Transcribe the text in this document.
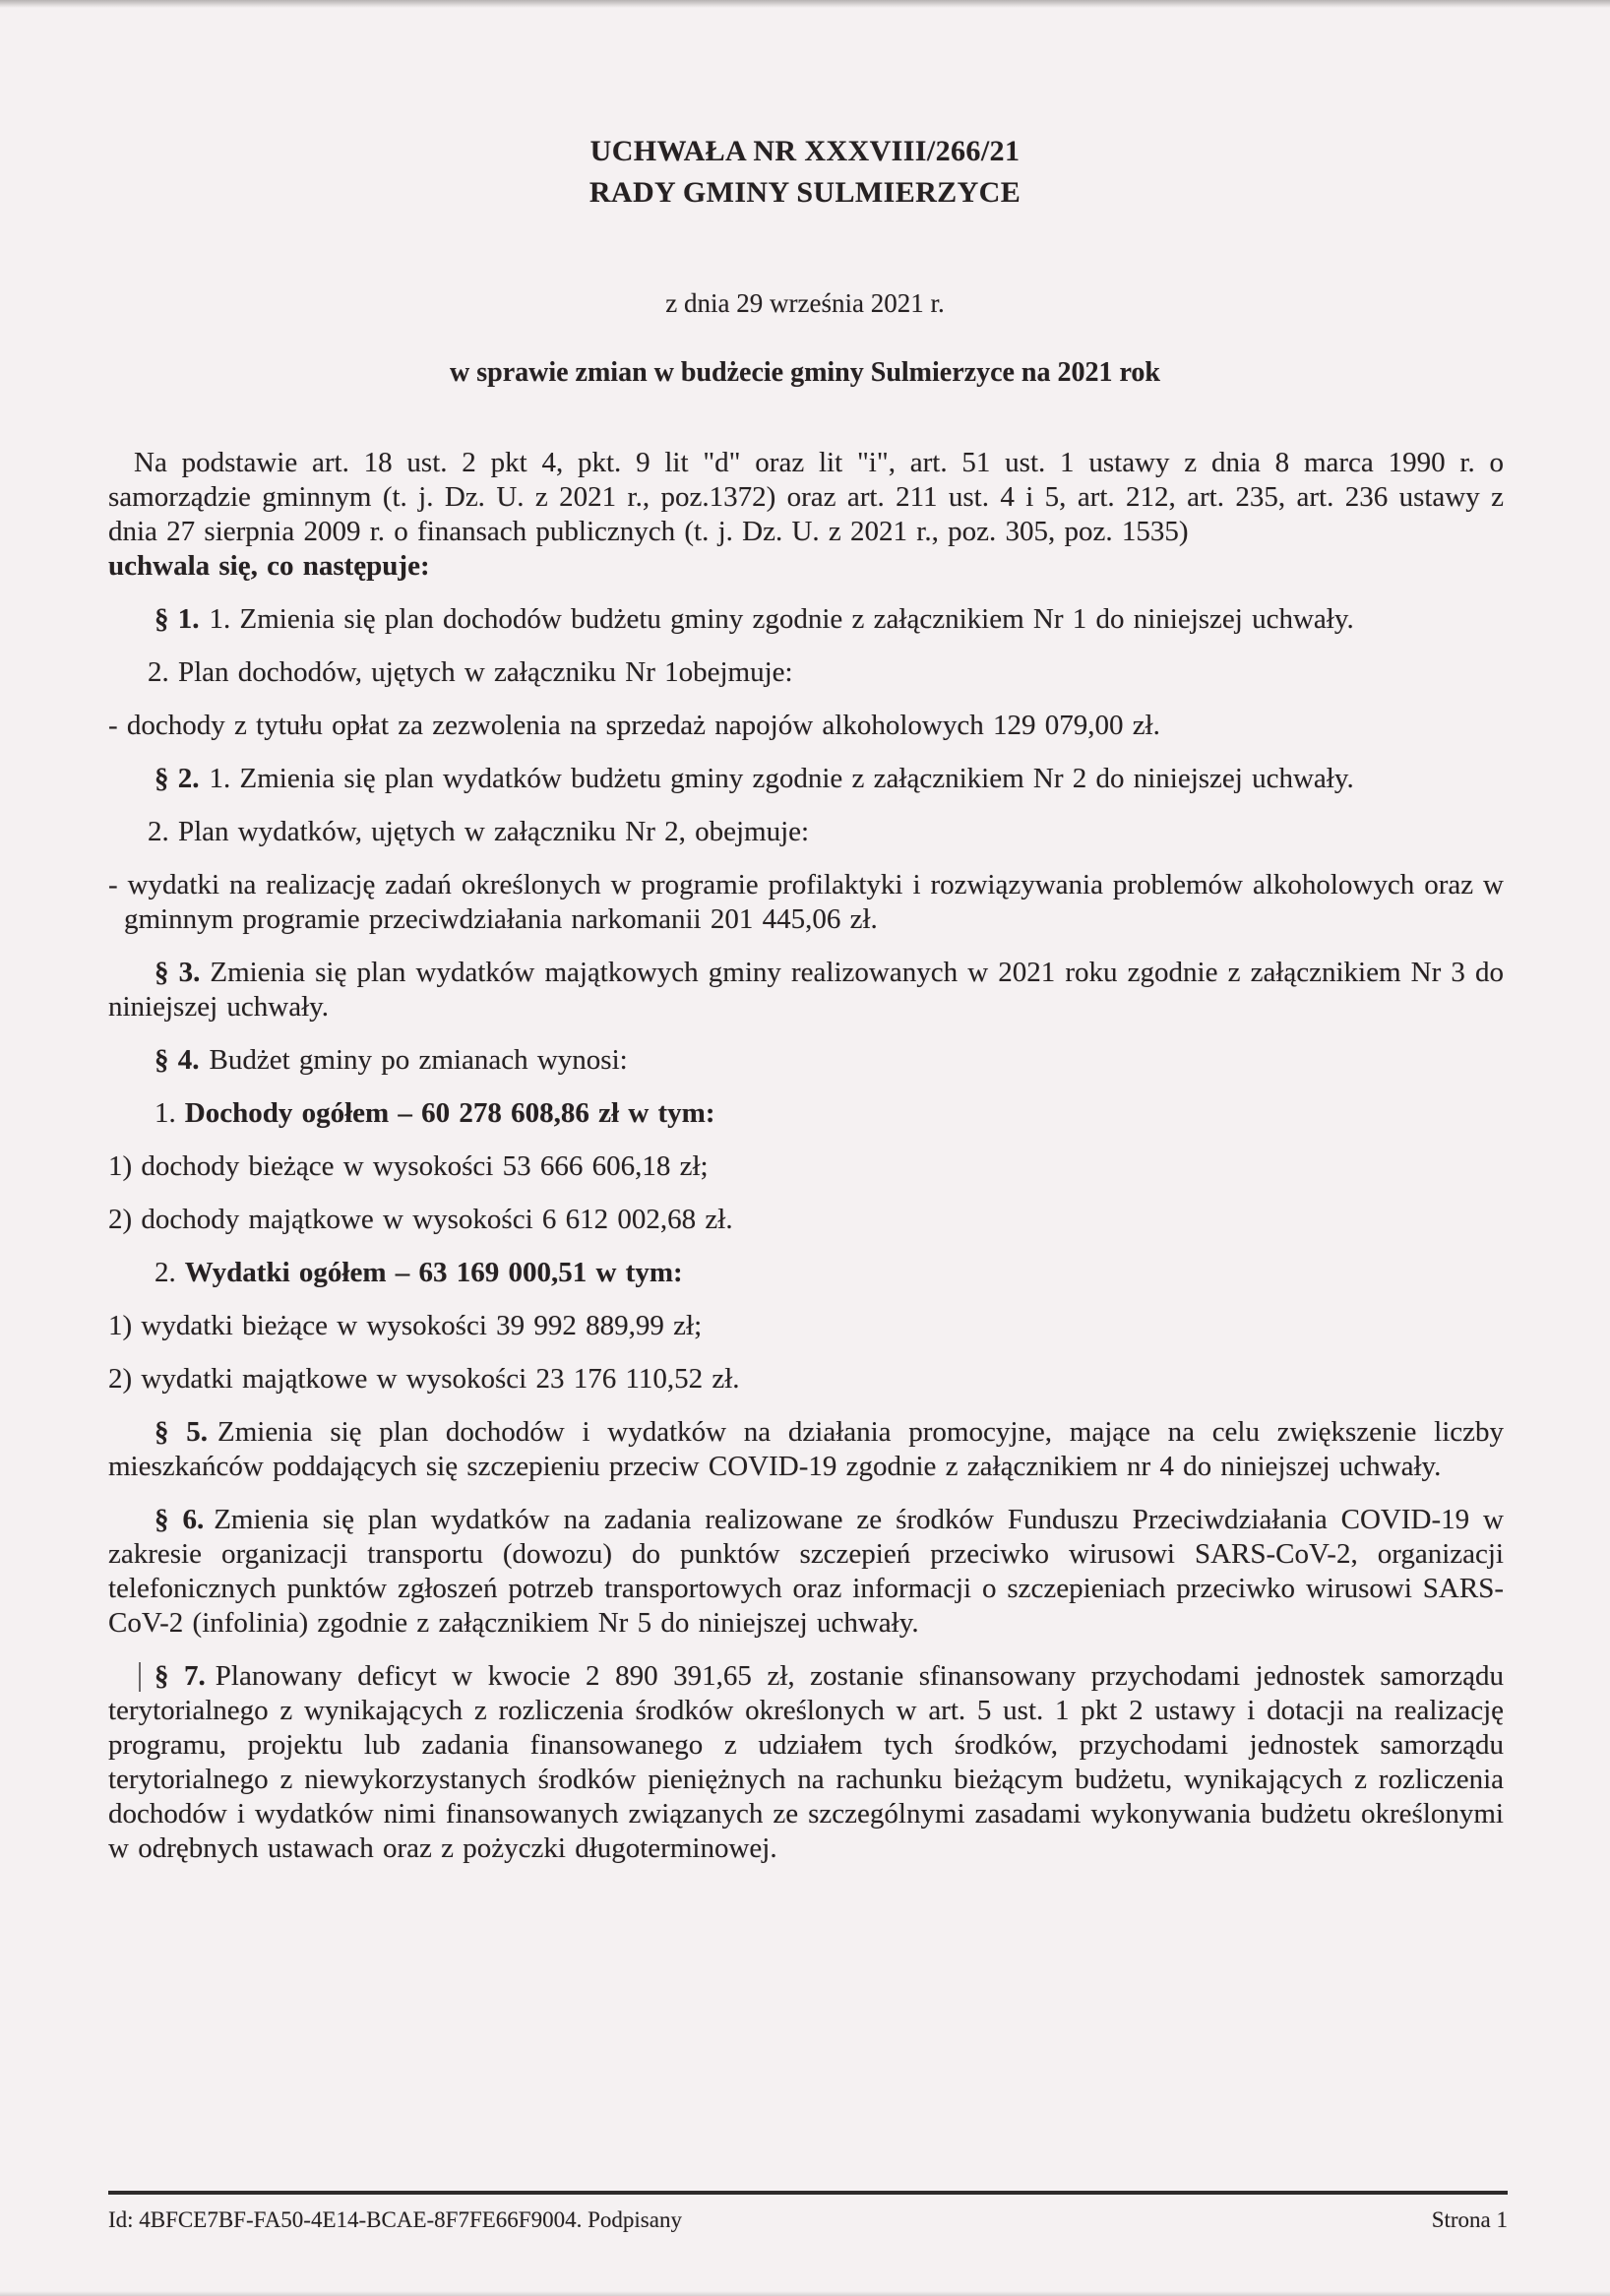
UCHWAŁA NR XXXVIII/266/21
RADY GMINY SULMIERZYCE
z dnia 29 września 2021 r.
w sprawie zmian w budżecie gminy Sulmierzyce na 2021 rok

Na podstawie art. 18 ust. 2 pkt 4, pkt. 9 lit "d" oraz lit "i", art. 51 ust. 1 ustawy z dnia 8 marca 1990 r. o samorządzie gminnym (t. j. Dz. U. z 2021 r., poz.1372) oraz art. 211 ust. 4 i 5, art. 212, art. 235, art. 236 ustawy z dnia 27 sierpnia 2009 r. o finansach publicznych (t. j. Dz. U. z 2021 r., poz. 305, poz. 1535)

uchwala się, co następuje:

§ 1. 1. Zmienia się plan dochodów budżetu gminy zgodnie z załącznikiem Nr 1 do niniejszej uchwały.

2. Plan dochodów, ujętych w załączniku Nr 1obejmuje:

- dochody z tytułu opłat za zezwolenia na sprzedaż napojów alkoholowych 129 079,00 zł.

§ 2. 1. Zmienia się plan wydatków budżetu gminy zgodnie z załącznikiem Nr 2 do niniejszej uchwały.

2. Plan wydatków, ujętych w załączniku Nr 2, obejmuje:

- wydatki na realizację zadań określonych w programie profilaktyki i rozwiązywania problemów alkoholowych oraz w gminnym programie przeciwdziałania narkomanii 201 445,06 zł.

§ 3. Zmienia się plan wydatków majątkowych gminy realizowanych w 2021 roku zgodnie z załącznikiem Nr 3 do niniejszej uchwały.

§ 4. Budżet gminy po zmianach wynosi:

1. Dochody ogółem – 60 278 608,86 zł w tym:

1) dochody bieżące w wysokości 53 666 606,18 zł;

2) dochody majątkowe w wysokości 6 612 002,68 zł.

2. Wydatki ogółem – 63 169 000,51 w tym:

1) wydatki bieżące w wysokości 39 992 889,99 zł;

2) wydatki majątkowe w wysokości 23 176 110,52 zł.

§ 5. Zmienia się plan dochodów i wydatków na działania promocyjne, mające na celu zwiększenie liczby mieszkańców poddających się szczepieniu przeciw COVID-19 zgodnie z załącznikiem nr 4 do niniejszej uchwały.

§ 6. Zmienia się plan wydatków na zadania realizowane ze środków Funduszu Przeciwdziałania COVID-19 w zakresie organizacji transportu (dowozu) do punktów szczepień przeciwko wirusowi SARS-CoV-2, organizacji telefonicznych punktów zgłoszeń potrzeb transportowych oraz informacji o szczepieniach przeciwko wirusowi SARS-CoV-2 (infolinia) zgodnie z załącznikiem Nr 5 do niniejszej uchwały.

§ 7. Planowany deficyt w kwocie 2 890 391,65 zł, zostanie sfinansowany przychodami jednostek samorządu terytorialnego z wynikających z rozliczenia środków określonych w art. 5 ust. 1 pkt 2 ustawy i dotacji na realizację programu, projektu lub zadania finansowanego z udziałem tych środków, przychodami jednostek samorządu terytorialnego z niewykorzystanych środków pieniężnych na rachunku bieżącym budżetu, wynikających z rozliczenia dochodów i wydatków nimi finansowanych związanych ze szczególnymi zasadami wykonywania budżetu określonymi w odrębnych ustawach oraz z pożyczki długoterminowej.

Id: 4BFCE7BF-FA50-4E14-BCAE-8F7FE66F9004. Podpisany	Strona 1
